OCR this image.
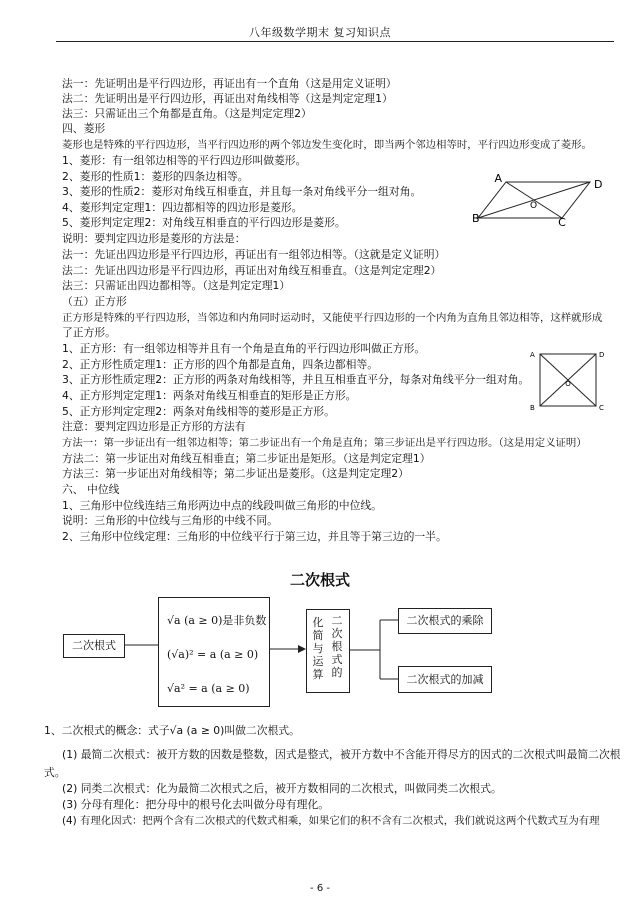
八年级数学期末 复习知识点
法一：先证明出是平行四边形，再证出有一个直角（这是用定义证明）
法二：先证明出是平行四边形，再证出对角线相等（这是判定定理1）
法三：只需证出三个角都是直角。（这是判定定理2）
四、菱形
菱形也是特殊的平行四边形，当平行四边形的两个邻边发生变化时，即当两个邻边相等时，平行四边形变成了菱形。
1、菱形：有一组邻边相等的平行四边形叫做菱形。
2、菱形的性质1：菱形的四条边相等。
3、菱形的性质2：菱形对角线互相垂直，并且每一条对角线平分一组对角。
4、菱形判定定理1：四边都相等的四边形是菱形。
5、菱形判定定理2：对角线互相垂直的平行四边形是菱形。
说明：要判定四边形是菱形的方法是：
法一：先证出四边形是平行四边形，再证出有一组邻边相等。（这就是定义证明）
法二：先证出四边形是平行四边形，再证出对角线互相垂直。（这是判定定理2）
法三：只需证出四边都相等。（这是判定定理1）
（五）正方形
正方形是特殊的平行四边形，当邻边和内角同时运动时，又能使平行四边形的一个内角为直角且邻边相等，这样就形成
了正方形。
1、正方形：有一组邻边相等并且有一个角是直角的平行四边形叫做正方形。
2、正方形性质定理1：正方形的四个角都是直角，四条边都相等。
3、正方形性质定理2：正方形的两条对角线相等，并且互相垂直平分，每条对角线平分一组对角。
4、正方形判定定理1：两条对角线互相垂直的矩形是正方形。
5、正方形判定定理2：两条对角线相等的菱形是正方形。
注意：要判定四边形是正方形的方法有
方法一：第一步证出有一组邻边相等；第二步证出有一个角是直角；第三步证出是平行四边形。（这是用定义证明）
方法二：第一步证出对角线互相垂直；第二步证出是矩形。（这是判定定理1）
方法三：第一步证出对角线相等；第二步证出是菱形。（这是判定定理2）
六、 中位线
1、三角形中位线连结三角形两边中点的线段叫做三角形的中位线。
说明：三角形的中位线与三角形的中线不同。
2、三角形中位线定理：三角形的中位线平行于第三边，并且等于第三边的一半。
A
B	C
D
O
A
B	C
D
O
二次根式
二次根式
√a (a ≥ 0)是非负数
(√a)² = a (a ≥ 0)
√a² = a (a ≥ 0)
化简与运算
二次根式的
二次根式的乘除
二次根式的加减
1、二次根式的概念：式子√a (a ≥ 0)叫做二次根式。
(1) 最简二次根式：被开方数的因数是整数，因式是整式，被开方数中不含能开得尽方的因式的二次根式叫最简二次根
式。
(2) 同类二次根式：化为最简二次根式之后，被开方数相同的二次根式，叫做同类二次根式。
(3) 分母有理化：把分母中的根号化去叫做分母有理化。
(4) 有理化因式：把两个含有二次根式的代数式相乘，如果它们的积不含有二次根式，我们就说这两个代数式互为有理
- 6 -
